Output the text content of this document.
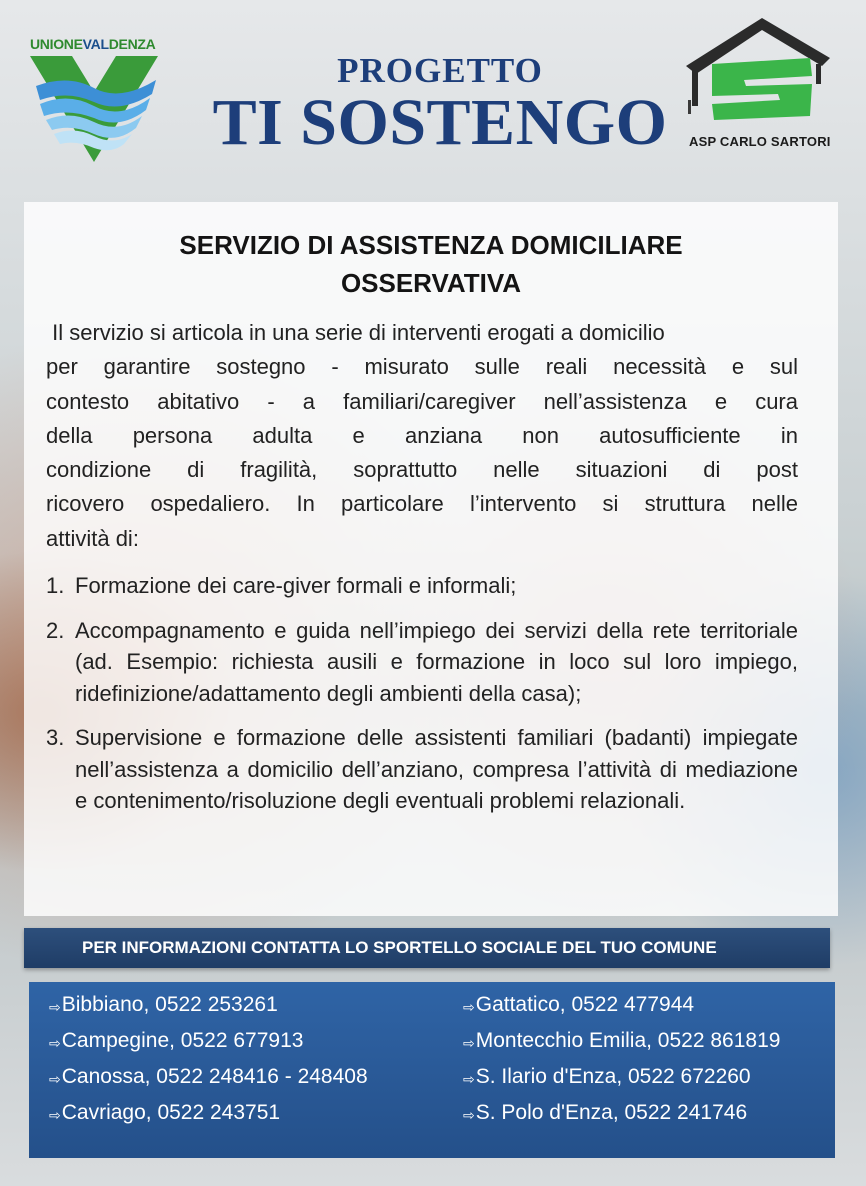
UNIONEVALDENZA
PROGETTO
TI SOSTENGO	ASP CARLO SARTORI
SERVIZIO DI ASSISTENZA DOMICILIARE
OSSERVATIVA
Il servizio si articola in una serie di interventi erogati a domicilio
per garantire sostegno - misurato sulle reali necessità e sul
contesto abitativo - a familiari/caregiver nell’assistenza e cura
della persona adulta e anziana non autosufficiente in
condizione di fragilità, soprattutto nelle situazioni di post
ricovero ospedaliero. In particolare l’intervento si struttura nelle
attività di:
1. Formazione dei care-giver formali e informali;
2. Accompagnamento e guida nell’impiego dei servizi della rete territoriale (ad. Esempio: richiesta ausili e formazione in loco sul loro impiego, ridefinizione/adattamento degli ambienti della casa);
3. Supervisione e formazione delle assistenti familiari (badanti) impiegate nell’assistenza a domicilio dell’anziano, compresa l’attività di mediazione e contenimento/risoluzione degli eventuali problemi relazionali.
PER INFORMAZIONI CONTATTA LO SPORTELLO SOCIALE DEL TUO COMUNE
⇨Bibbiano, 0522 253261
⇨Campegine, 0522 677913
⇨Canossa, 0522 248416 - 248408
⇨Cavriago, 0522 243751
⇨Gattatico, 0522 477944
⇨Montecchio Emilia, 0522 861819
⇨S. Ilario d'Enza, 0522 672260
⇨S. Polo d'Enza, 0522 241746
